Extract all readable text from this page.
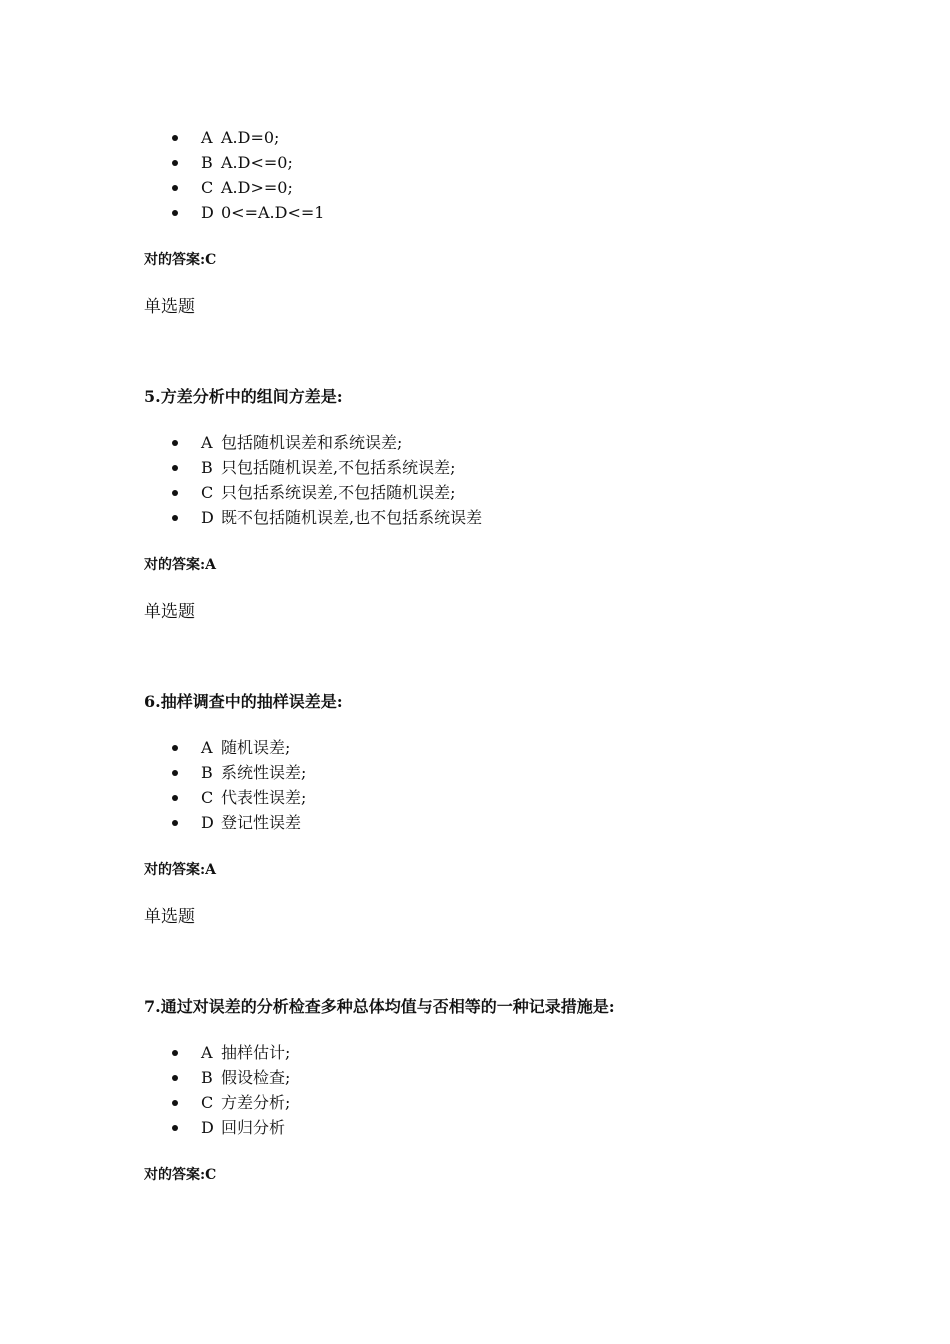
A A.D=0;
B A.D<=0;
C A.D>=0;
D 0<=A.D<=1
对的答案:C
单选题
5.方差分析中的组间方差是:
A 包括随机误差和系统误差;
B 只包括随机误差,不包括系统误差;
C 只包括系统误差,不包括随机误差;
D 既不包括随机误差,也不包括系统误差
对的答案:A
单选题
6.抽样调查中的抽样误差是:
A 随机误差;
B 系统性误差;
C 代表性误差;
D 登记性误差
对的答案:A
单选题
7.通过对误差的分析检查多种总体均值与否相等的一种记录措施是:
A 抽样估计;
B 假设检查;
C 方差分析;
D 回归分析
对的答案:C
